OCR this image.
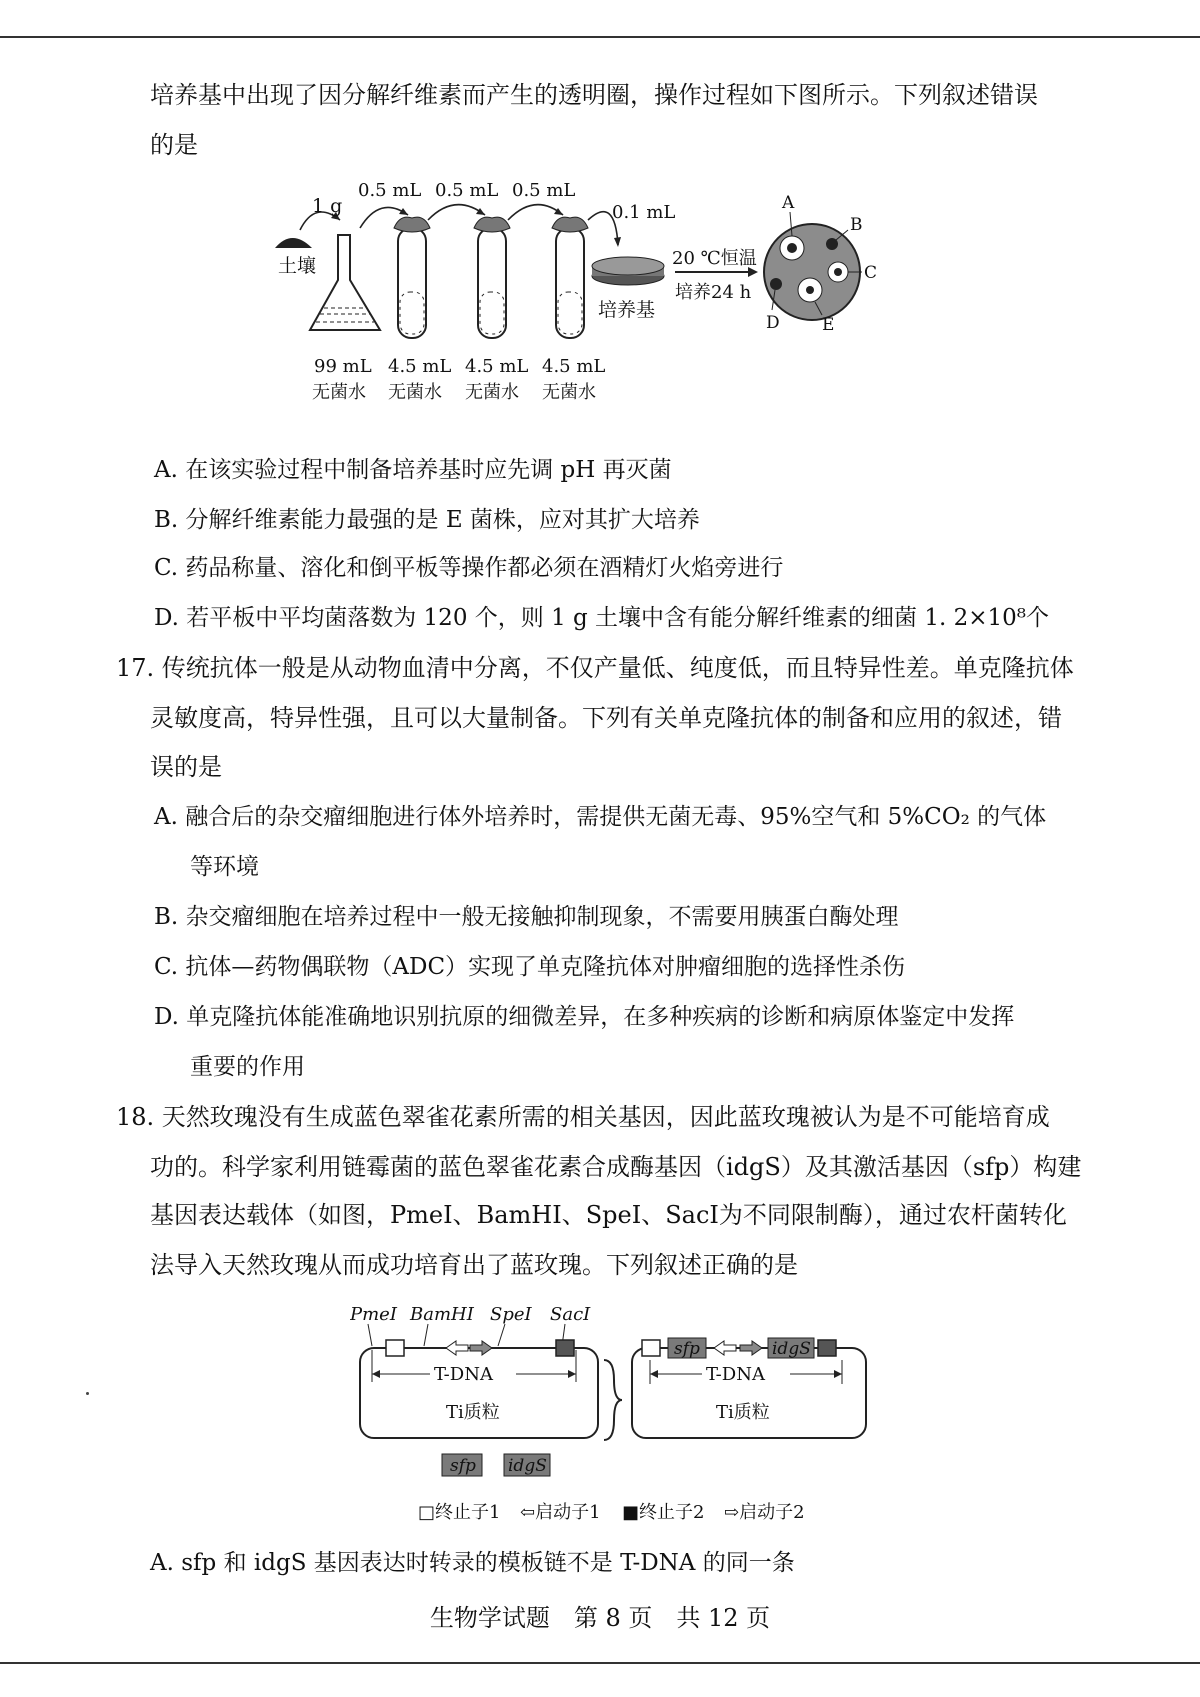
培养基中出现了因分解纤维素而产生的透明圈，操作过程如下图所示。下列叙述错误
的是
土壤
1 g
0.5 mL 0.5 mL 0.5 mL
0.1 mL
培养基
20 ℃恒温
培养24 h
A
B
C
D E
99 mL 4.5 mL 4.5 mL 4.5 mL
无菌水 无菌水 无菌水 无菌水
A. 在该实验过程中制备培养基时应先调 pH 再灭菌
B. 分解纤维素能力最强的是 E 菌株，应对其扩大培养
C. 药品称量、溶化和倒平板等操作都必须在酒精灯火焰旁进行
D. 若平板中平均菌落数为 120 个，则 1 g 土壤中含有能分解纤维素的细菌 1. 2×10⁸个
17. 传统抗体一般是从动物血清中分离，不仅产量低、纯度低，而且特异性差。单克隆抗体
灵敏度高，特异性强，且可以大量制备。下列有关单克隆抗体的制备和应用的叙述，错
误的是
A. 融合后的杂交瘤细胞进行体外培养时，需提供无菌无毒、95%空气和 5%CO₂ 的气体
等环境
B. 杂交瘤细胞在培养过程中一般无接触抑制现象，不需要用胰蛋白酶处理
C. 抗体—药物偶联物（ADC）实现了单克隆抗体对肿瘤细胞的选择性杀伤
D. 单克隆抗体能准确地识别抗原的细微差异，在多种疾病的诊断和病原体鉴定中发挥
重要的作用
18. 天然玫瑰没有生成蓝色翠雀花素所需的相关基因，因此蓝玫瑰被认为是不可能培育成
功的。科学家利用链霉菌的蓝色翠雀花素合成酶基因（idgS）及其激活基因（sfp）构建
基因表达载体（如图，PmeⅠ、BamHⅠ、SpeⅠ、SacⅠ为不同限制酶），通过农杆菌转化
法导入天然玫瑰从而成功培育出了蓝玫瑰。下列叙述正确的是
PmeⅠ BamHⅠ SpeⅠ SacⅠ
T-DNA
Ti质粒
sfp idgS
sfp	idgS
T-DNA
Ti质粒
□终止子1 ⇦启动子1 ■终止子2 ⇨启动子2
A. sfp 和 idgS 基因表达时转录的模板链不是 T-DNA 的同一条
生物学试题　第 8 页　共 12 页
